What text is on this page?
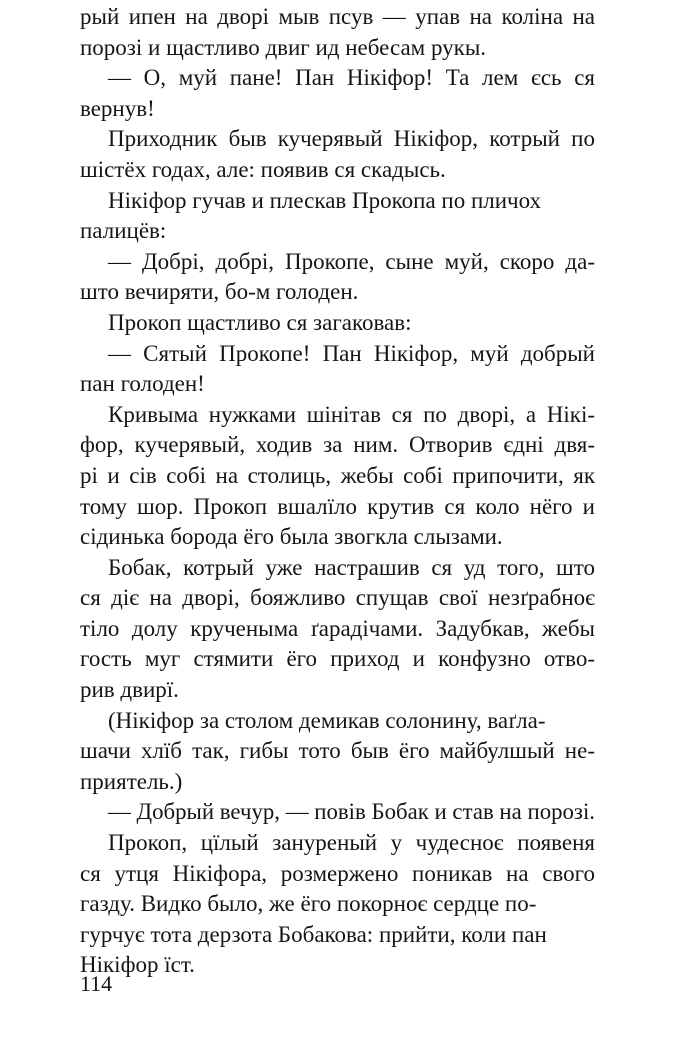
рый ипен на дворі мыв псув — упав на коліна на
порозі и щастливо двиг ид небесам рукы.
— О, муй пане! Пан Нікіфор! Та лем єсь ся
вернув!
Приходник быв кучерявый Нікіфор, котрый по
шістёх годах, але: появив ся скадысь.
Нікіфор гучав и плескав Прокопа по пличох
палицёв:
— Добрі, добрі, Прокопе, сыне муй, скоро да-
што вечиряти, бо-м голоден.
Прокоп щастливо ся загаковав:
— Сятый Прокопе! Пан Нікіфор, муй добрый
пан голоден!
Кривыма нужками шінітав ся по дворі, а Нікі-
фор, кучерявый, ходив за ним. Отворив єдні двя-
рі и сів собі на столиць, жебы собі припочити, як
тому шор. Прокоп вшалїло крутив ся коло нёго и
сідинька борода ёго была звогкла слызами.
Бобак, котрый уже настрашив ся уд того, што
ся діє на дворі, бояжливо спущав свої незґрабноє
тіло долу крученыма ґарадічами. Задубкав, жебы
гость муг стямити ёго приход и конфузно отво-
рив двирї.
(Нікіфор за столом демикав солонину, ваґла-
шачи хлїб так, гибы тото быв ёго майбулшый не-
приятель.)
— Добрый вечур, — повів Бобак и став на порозі.
Прокоп, цїлый зануреный у чудесноє появеня
ся утця Нікіфора, розмержено поникав на свого
газду. Видко было, же ёго покорноє сердце по-
гурчує тота дерзота Бобакова: прийти, коли пан
Нікіфор їст.
114
